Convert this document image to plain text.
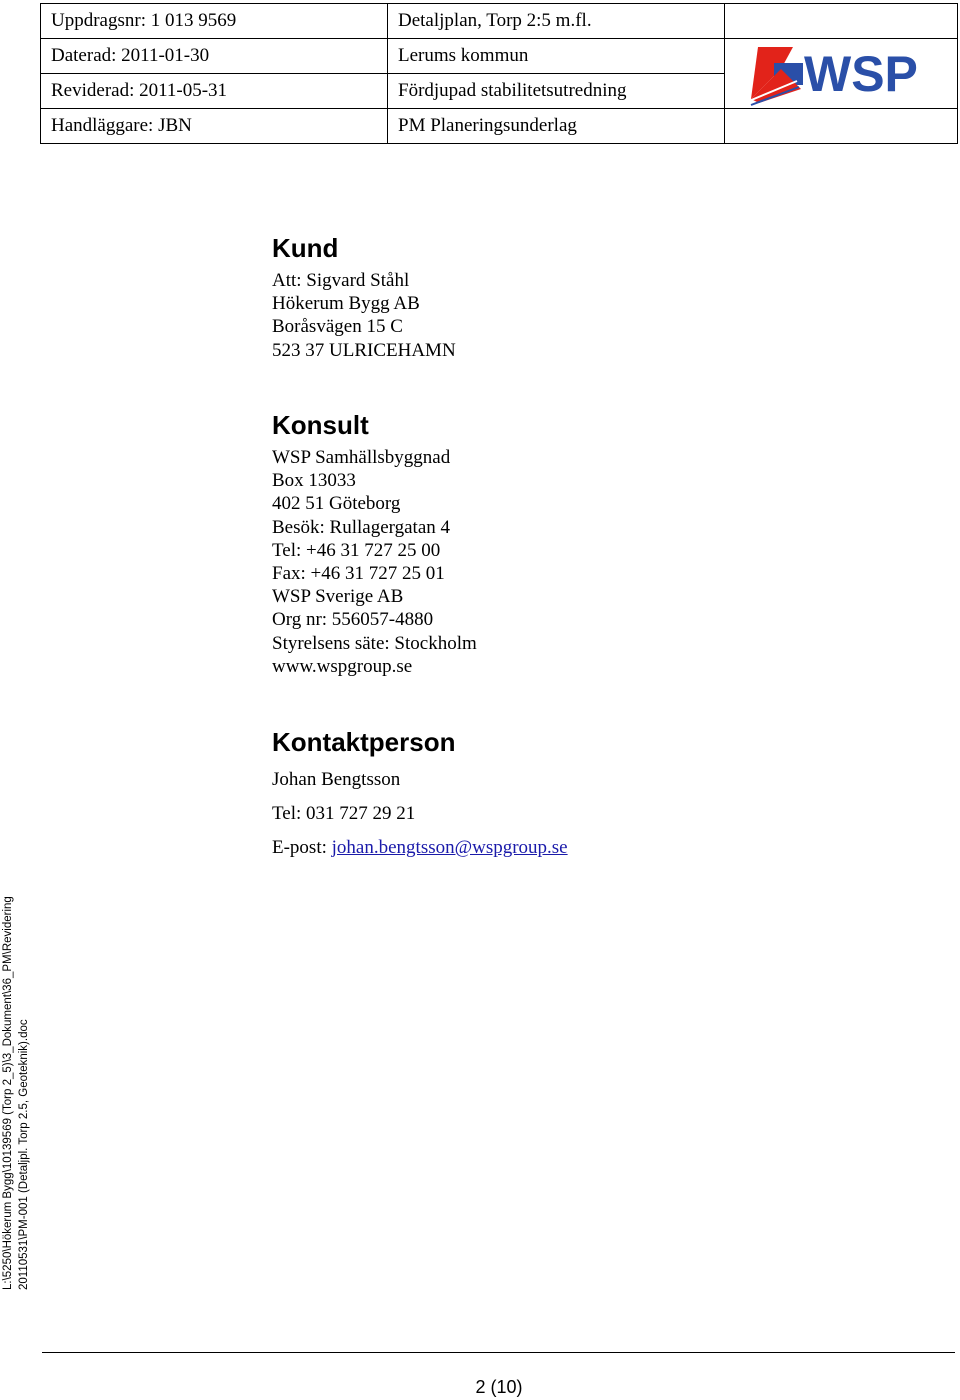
Uppdragsnr: 1 013 9569	Detaljplan, Torp 2:5 m.fl.	
Daterad: 2011-01-30	Lerums kommun	WSP

Reviderad: 2011-05-31	Fördjupad stabilitetsutredning	
Handläggare: JBN	PM Planeringsunderlag	
Kund
Att: Sigvard Ståhl
Hökerum Bygg AB
Boråsvägen 15 C
523 37 ULRICEHAMN
Konsult
WSP Samhällsbyggnad
Box 13033
402 51 Göteborg
Besök: Rullagergatan 4
Tel: +46 31 727 25 00
Fax: +46 31 727 25 01
WSP Sverige AB
Org nr: 556057-4880
Styrelsens säte: Stockholm
www.wspgroup.se
Kontaktperson
Johan Bengtsson
Tel: 031 727 29 21
E-post: johan.bengtsson@wspgroup.se
L:\5250\Hökerum Bygg\10139569 (Torp 2_5)\3_Dokument\36_PM\Revidering 20110531\PM-001 (Detaljpl. Torp 2.5, Geoteknik).doc
2 (10)
